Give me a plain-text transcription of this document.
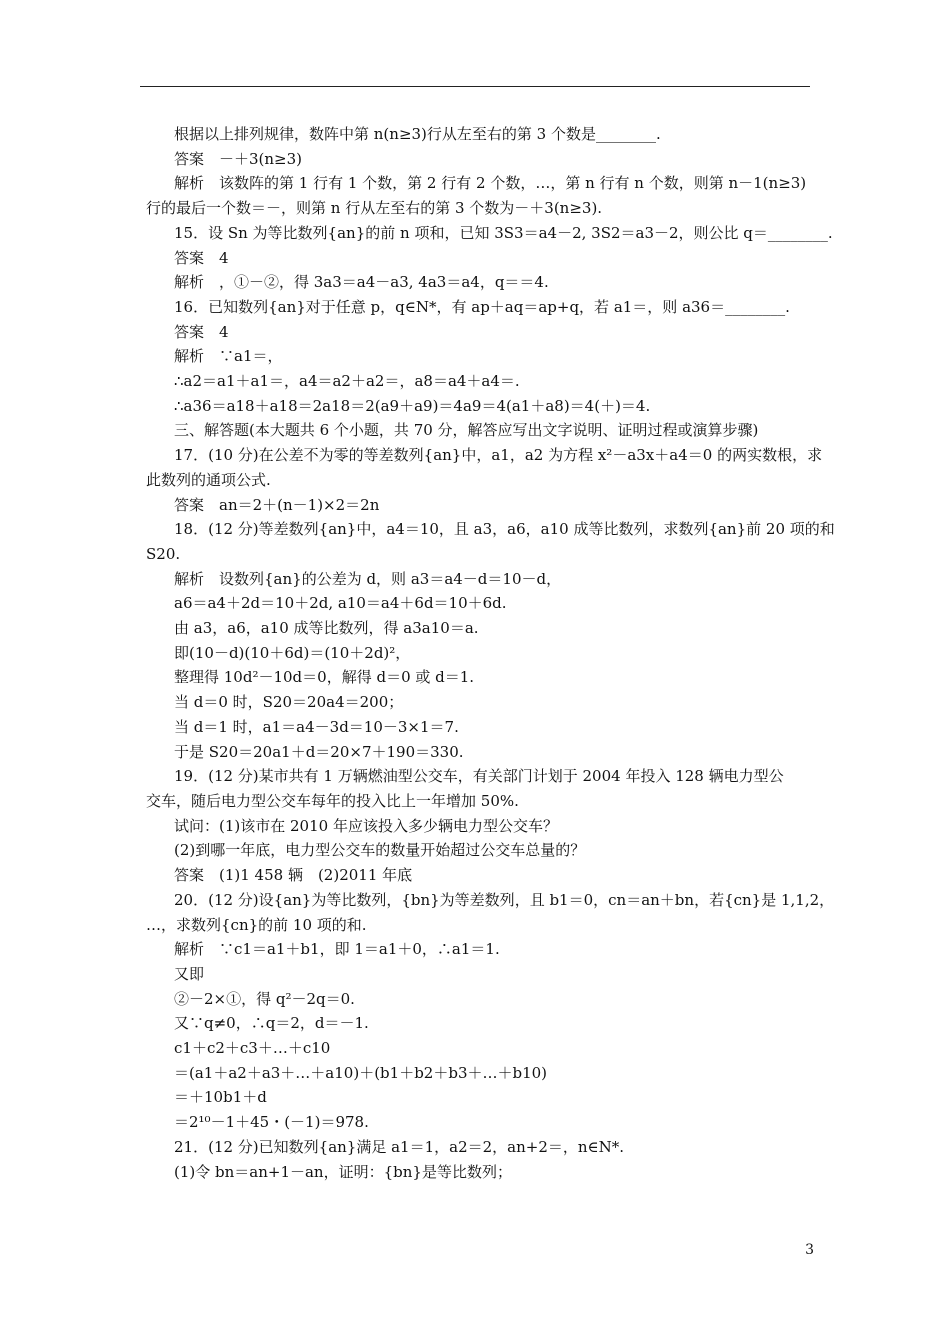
根据以上排列规律，数阵中第 n(n≥3)行从左至右的第 3 个数是________.
答案　－＋3(n≥3)
解析　该数阵的第 1 行有 1 个数，第 2 行有 2 个数，…，第 n 行有 n 个数，则第 n－1(n≥3)
行的最后一个数＝－，则第 n 行从左至右的第 3 个数为－＋3(n≥3).
15．设 Sn 为等比数列{an}的前 n 项和，已知 3S3＝a4－2, 3S2＝a3－2，则公比 q＝________.
答案　4
解析　，①－②，得 3a3＝a4－a3, 4a3＝a4，q＝＝4.
16．已知数列{an}对于任意 p，q∈N*，有 ap＋aq＝ap+q，若 a1＝，则 a36＝________.
答案　4
解析　∵a1＝，
∴a2＝a1＋a1＝，a4＝a2＋a2＝，a8＝a4＋a4＝.
∴a36＝a18＋a18＝2a18＝2(a9＋a9)＝4a9＝4(a1＋a8)＝4(＋)＝4.
三、解答题(本大题共 6 个小题，共 70 分，解答应写出文字说明、证明过程或演算步骤)
17．(10 分)在公差不为零的等差数列{an}中，a1，a2 为方程 x²－a3x＋a4＝0 的两实数根，求
此数列的通项公式.
答案　an＝2＋(n－1)×2＝2n
18．(12 分)等差数列{an}中，a4＝10，且 a3，a6，a10 成等比数列，求数列{an}前 20 项的和
S20.
解析　设数列{an}的公差为 d，则 a3＝a4－d＝10－d，
a6＝a4＋2d＝10＋2d, a10＝a4＋6d＝10＋6d.
由 a3，a6，a10 成等比数列，得 a3a10＝a.
即(10－d)(10＋6d)＝(10＋2d)²，
整理得 10d²－10d＝0，解得 d＝0 或 d＝1.
当 d＝0 时，S20＝20a4＝200；
当 d＝1 时，a1＝a4－3d＝10－3×1＝7.
于是 S20＝20a1＋d＝20×7＋190＝330.
19．(12 分)某市共有 1 万辆燃油型公交车，有关部门计划于 2004 年投入 128 辆电力型公
交车，随后电力型公交车每年的投入比上一年增加 50%.
试问：(1)该市在 2010 年应该投入多少辆电力型公交车？
(2)到哪一年底，电力型公交车的数量开始超过公交车总量的？
答案　(1)1 458 辆　(2)2011 年底
20．(12 分)设{an}为等比数列，{bn}为等差数列，且 b1＝0，cn＝an＋bn，若{cn}是 1,1,2，
…，求数列{cn}的前 10 项的和.
解析　∵c1＝a1＋b1，即 1＝a1＋0，∴a1＝1.
又即
②－2×①，得 q²－2q＝0.
又∵q≠0，∴q＝2，d＝－1.
c1＋c2＋c3＋…＋c10
＝(a1＋a2＋a3＋…＋a10)＋(b1＋b2＋b3＋…＋b10)
＝＋10b1＋d
＝2¹⁰－1＋45・(－1)＝978.
21．(12 分)已知数列{an}满足 a1＝1，a2＝2，an+2＝，n∈N*.
(1)令 bn＝an+1－an，证明：{bn}是等比数列；
3
